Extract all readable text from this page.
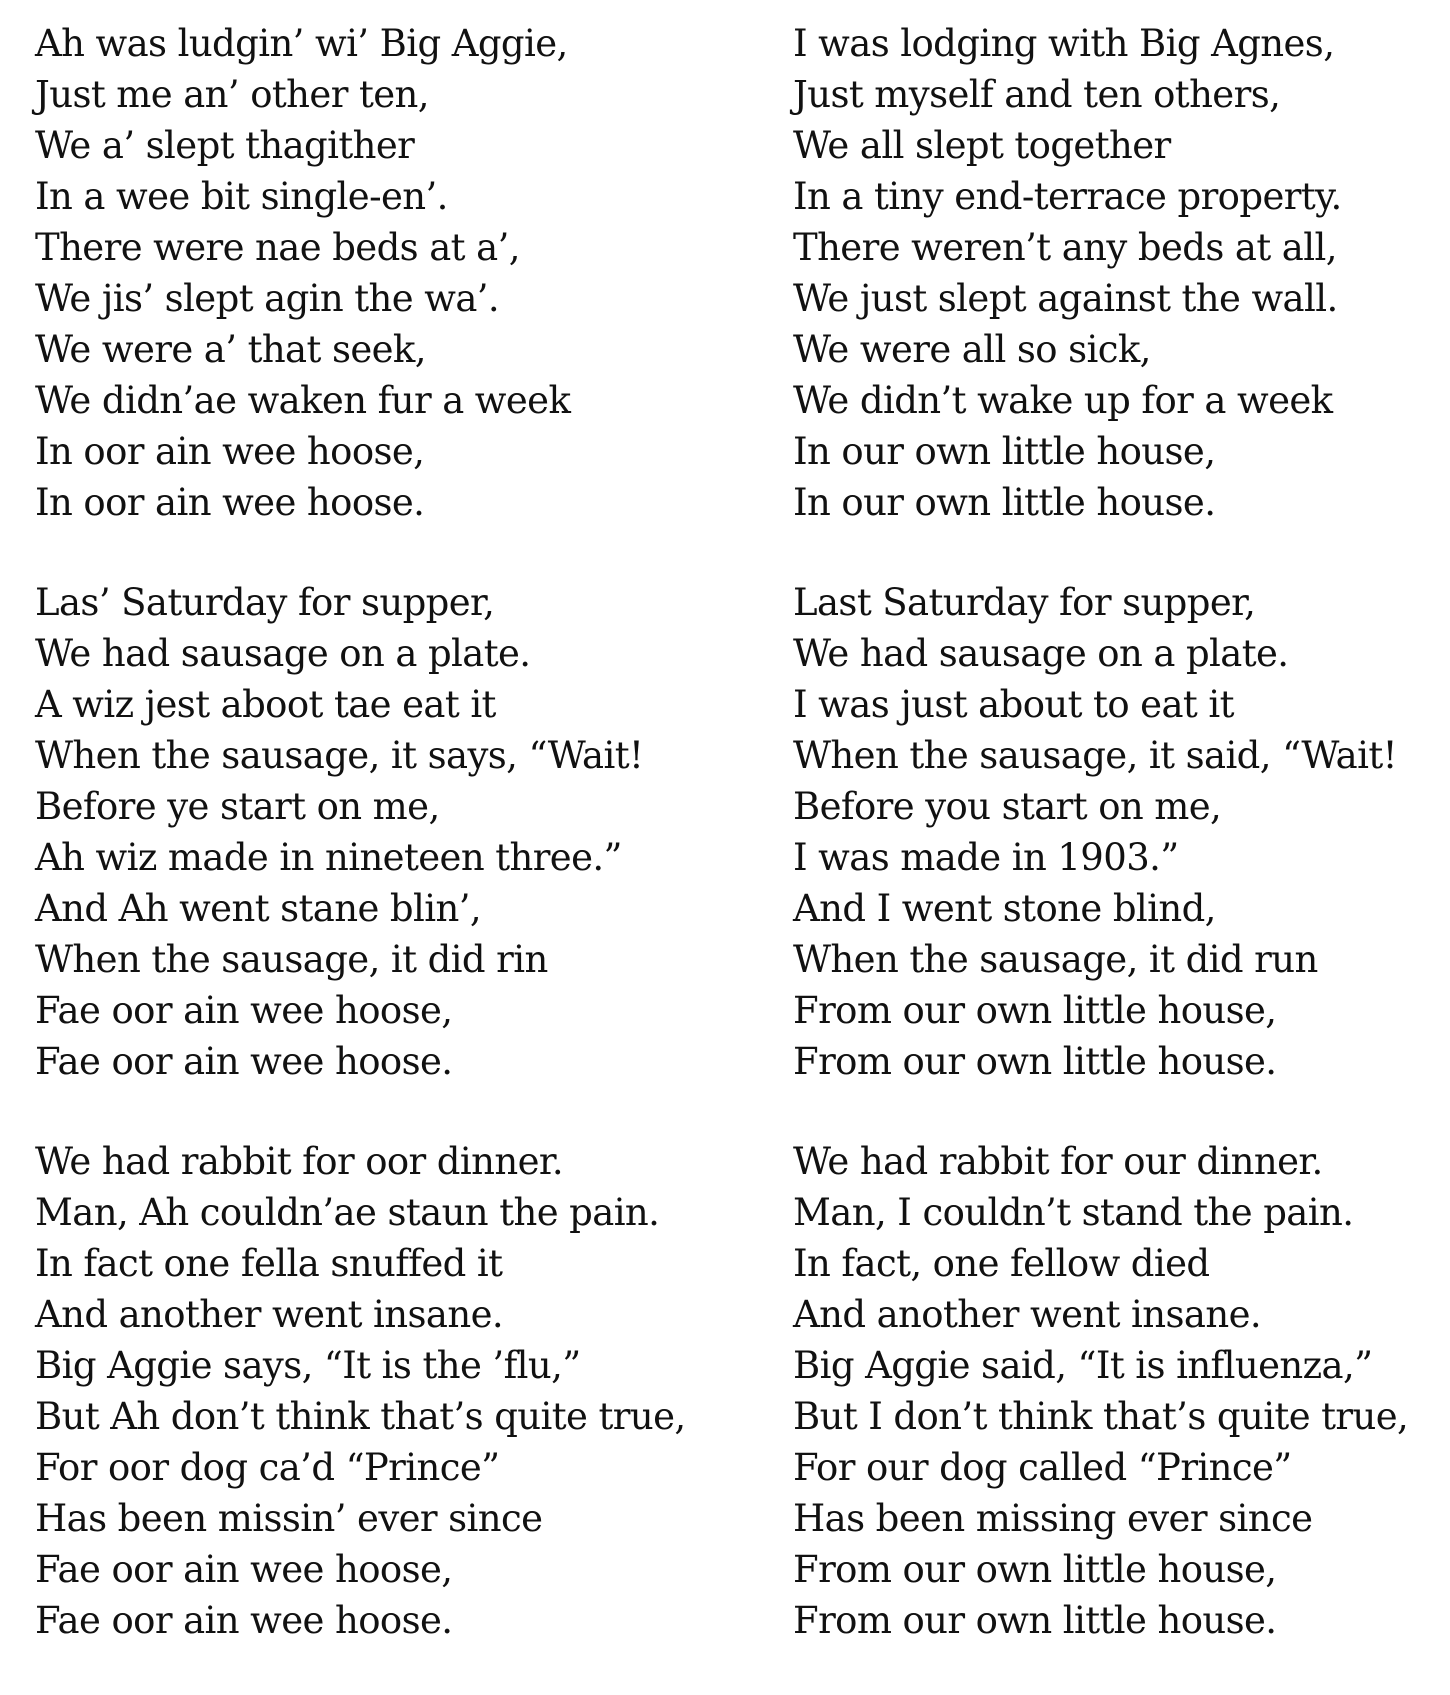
Ah was ludgin’ wi’ Big Aggie,
Just me an’ other ten,
We a’ slept thagither
In a wee bit single-en’.
There were nae beds at a’,
We jis’ slept agin the wa’.
We were a’ that seek,
We didn’ae waken fur a week
In oor ain wee hoose,
In oor ain wee hoose.
Las’ Saturday for supper,
We had sausage on a plate.
A wiz jest aboot tae eat it
When the sausage, it says, “Wait!
Before ye start on me,
Ah wiz made in nineteen three.”
And Ah went stane blin’,
When the sausage, it did rin
Fae oor ain wee hoose,
Fae oor ain wee hoose.
We had rabbit for oor dinner.
Man, Ah couldn’ae staun the pain.
In fact one fella snuffed it
And another went insane.
Big Aggie says, “It is the ’flu,”
But Ah don’t think that’s quite true,
For oor dog ca’d “Prince”
Has been missin’ ever since
Fae oor ain wee hoose,
Fae oor ain wee hoose.
I was lodging with Big Agnes,
Just myself and ten others,
We all slept together
In a tiny end-terrace property.
There weren’t any beds at all,
We just slept against the wall.
We were all so sick,
We didn’t wake up for a week
In our own little house,
In our own little house.
Last Saturday for supper,
We had sausage on a plate.
I was just about to eat it
When the sausage, it said, “Wait!
Before you start on me,
I was made in 1903.”
And I went stone blind,
When the sausage, it did run
From our own little house,
From our own little house.
We had rabbit for our dinner.
Man, I couldn’t stand the pain.
In fact, one fellow died
And another went insane.
Big Aggie said, “It is influenza,”
But I don’t think that’s quite true,
For our dog called “Prince”
Has been missing ever since
From our own little house,
From our own little house.
